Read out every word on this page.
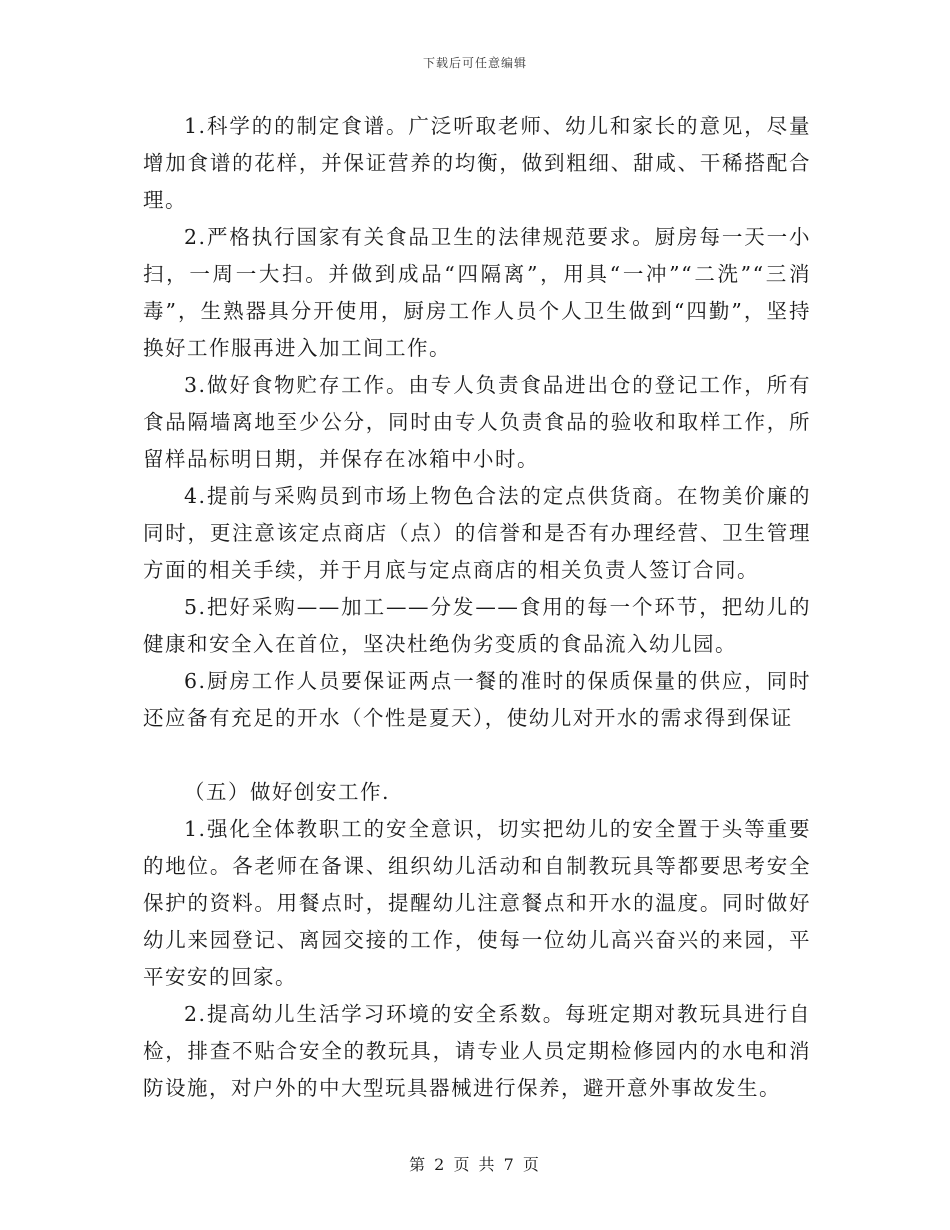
下载后可任意编辑

1.科学的的制定食谱。广泛听取老师、幼儿和家长的意见，尽量增加食谱的花样，并保证营养的均衡，做到粗细、甜咸、干稀搭配合理。

2.严格执行国家有关食品卫生的法律规范要求。厨房每一天一小扫，一周一大扫。并做到成品“四隔离”，用具“一冲”“二洗”“三消毒”，生熟器具分开使用，厨房工作人员个人卫生做到“四勤”，坚持换好工作服再进入加工间工作。

3.做好食物贮存工作。由专人负责食品进出仓的登记工作，所有食品隔墙离地至少公分，同时由专人负责食品的验收和取样工作，所留样品标明日期，并保存在冰箱中小时。

4.提前与采购员到市场上物色合法的定点供货商。在物美价廉的同时，更注意该定点商店（点）的信誉和是否有办理经营、卫生管理方面的相关手续，并于月底与定点商店的相关负责人签订合同。

5.把好采购——加工——分发——食用的每一个环节，把幼儿的健康和安全入在首位，坚决杜绝伪劣变质的食品流入幼儿园。

6.厨房工作人员要保证两点一餐的准时的保质保量的供应，同时还应备有充足的开水（个性是夏天），使幼儿对开水的需求得到保证

（五）做好创安工作.

1.强化全体教职工的安全意识，切实把幼儿的安全置于头等重要的地位。各老师在备课、组织幼儿活动和自制教玩具等都要思考安全保护的资料。用餐点时，提醒幼儿注意餐点和开水的温度。同时做好幼儿来园登记、离园交接的工作，使每一位幼儿高兴奋兴的来园，平平安安的回家。

2.提高幼儿生活学习环境的安全系数。每班定期对教玩具进行自检，排查不贴合安全的教玩具，请专业人员定期检修园内的水电和消防设施，对户外的中大型玩具器械进行保养，避开意外事故发生。

第 2 页 共 7 页
